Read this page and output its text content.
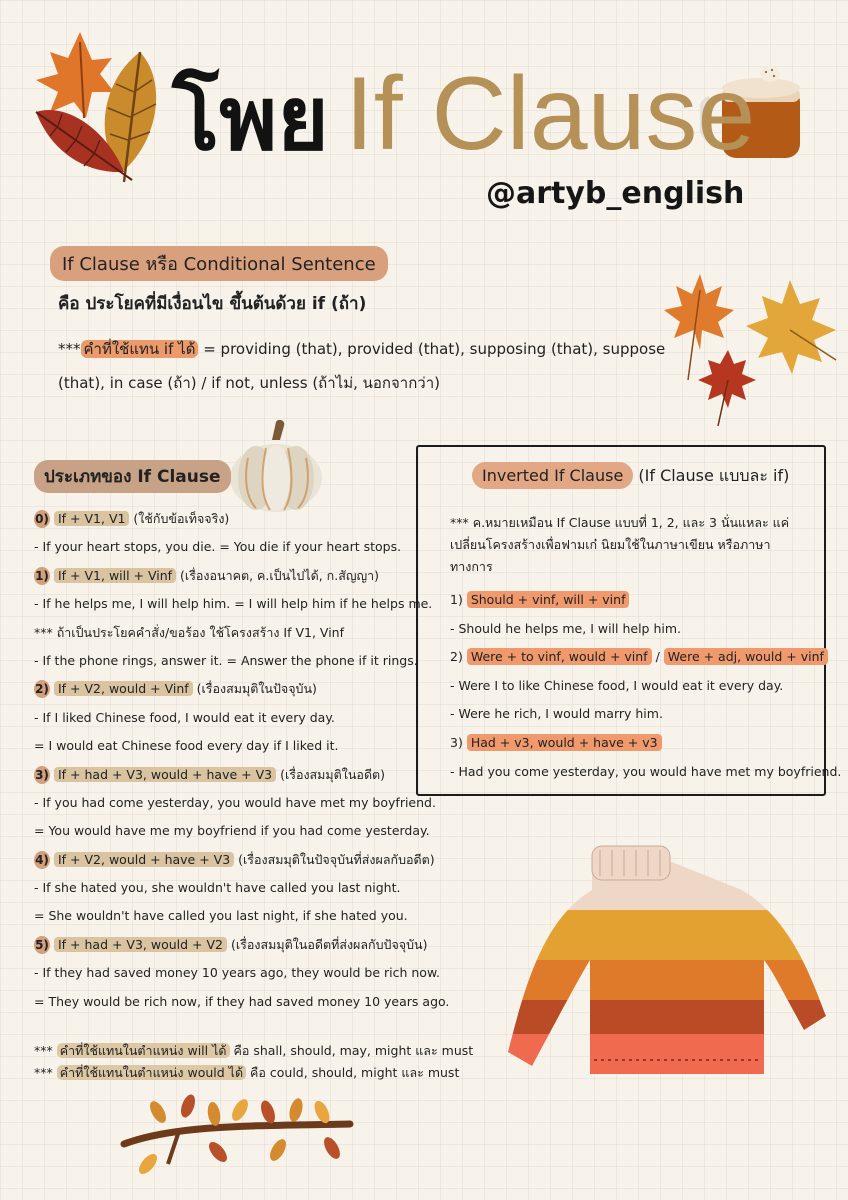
โพย If Clause
@artyb_english
If Clause หรือ Conditional Sentence
คือ ประโยคที่มีเงื่อนไข ขึ้นต้นด้วย if (ถ้า)
*** คำที่ใช้แทน if ได้ = providing (that), provided (that), supposing (that), suppose (that), in case (ถ้า) / if not, unless (ถ้าไม่, นอกจากว่า)
ประเภทของ If Clause
0) If + V1, V1 (ใช้กับข้อเท็จจริง)
- If your heart stops, you die. = You die if your heart stops.
1) If + V1, will + Vinf (เรื่องอนาคต, ค.เป็นไปได้, ก.สัญญา)
- If he helps me, I will help him. = I will help him if he helps me.
*** ถ้าเป็นประโยคคำสั่ง/ขอร้อง ใช้โครงสร้าง If V1, Vinf
- If the phone rings, answer it. = Answer the phone if it rings.
2) If + V2, would + Vinf (เรื่องสมมุติในปัจจุบัน)
- If I liked Chinese food, I would eat it every day.
= I would eat Chinese food every day if I liked it.
3) If + had + V3, would + have + V3 (เรื่องสมมุติในอดีต)
- If you had come yesterday, you would have met my boyfriend.
= You would have me my boyfriend if you had come yesterday.
4) If + V2, would + have + V3 (เรื่องสมมุติในปัจจุบันที่ส่งผลกับอดีต)
- If she hated you, she wouldn't have called you last night.
= She wouldn't have called you last night, if she hated you.
5) If + had + V3, would + V2 (เรื่องสมมุติในอดีตที่ส่งผลกับปัจจุบัน)
- If they had saved money 10 years ago, they would be rich now.
= They would be rich now, if they had saved money 10 years ago.
*** คำที่ใช้แทนในตำแหน่ง will ได้ คือ shall, should, may, might และ must
*** คำที่ใช้แทนในตำแหน่ง would ได้ คือ could, should, might และ must
Inverted If Clause (If Clause แบบละ if)
*** ค.หมายเหมือน If Clause แบบที่ 1, 2, และ 3 นั่นแหละ แค่เปลี่ยนโครงสร้างเพื่อฟามเก๋ นิยมใช้ในภาษาเขียน หรือภาษาทางการ
1) Should + vinf, will + vinf
- Should he helps me, I will help him.
2) Were + to vinf, would + vinf / Were + adj, would + vinf
- Were I to like Chinese food, I would eat it every day.
- Were he rich, I would marry him.
3) Had + v3, would + have + v3
- Had you come yesterday, you would have met my boyfriend.
